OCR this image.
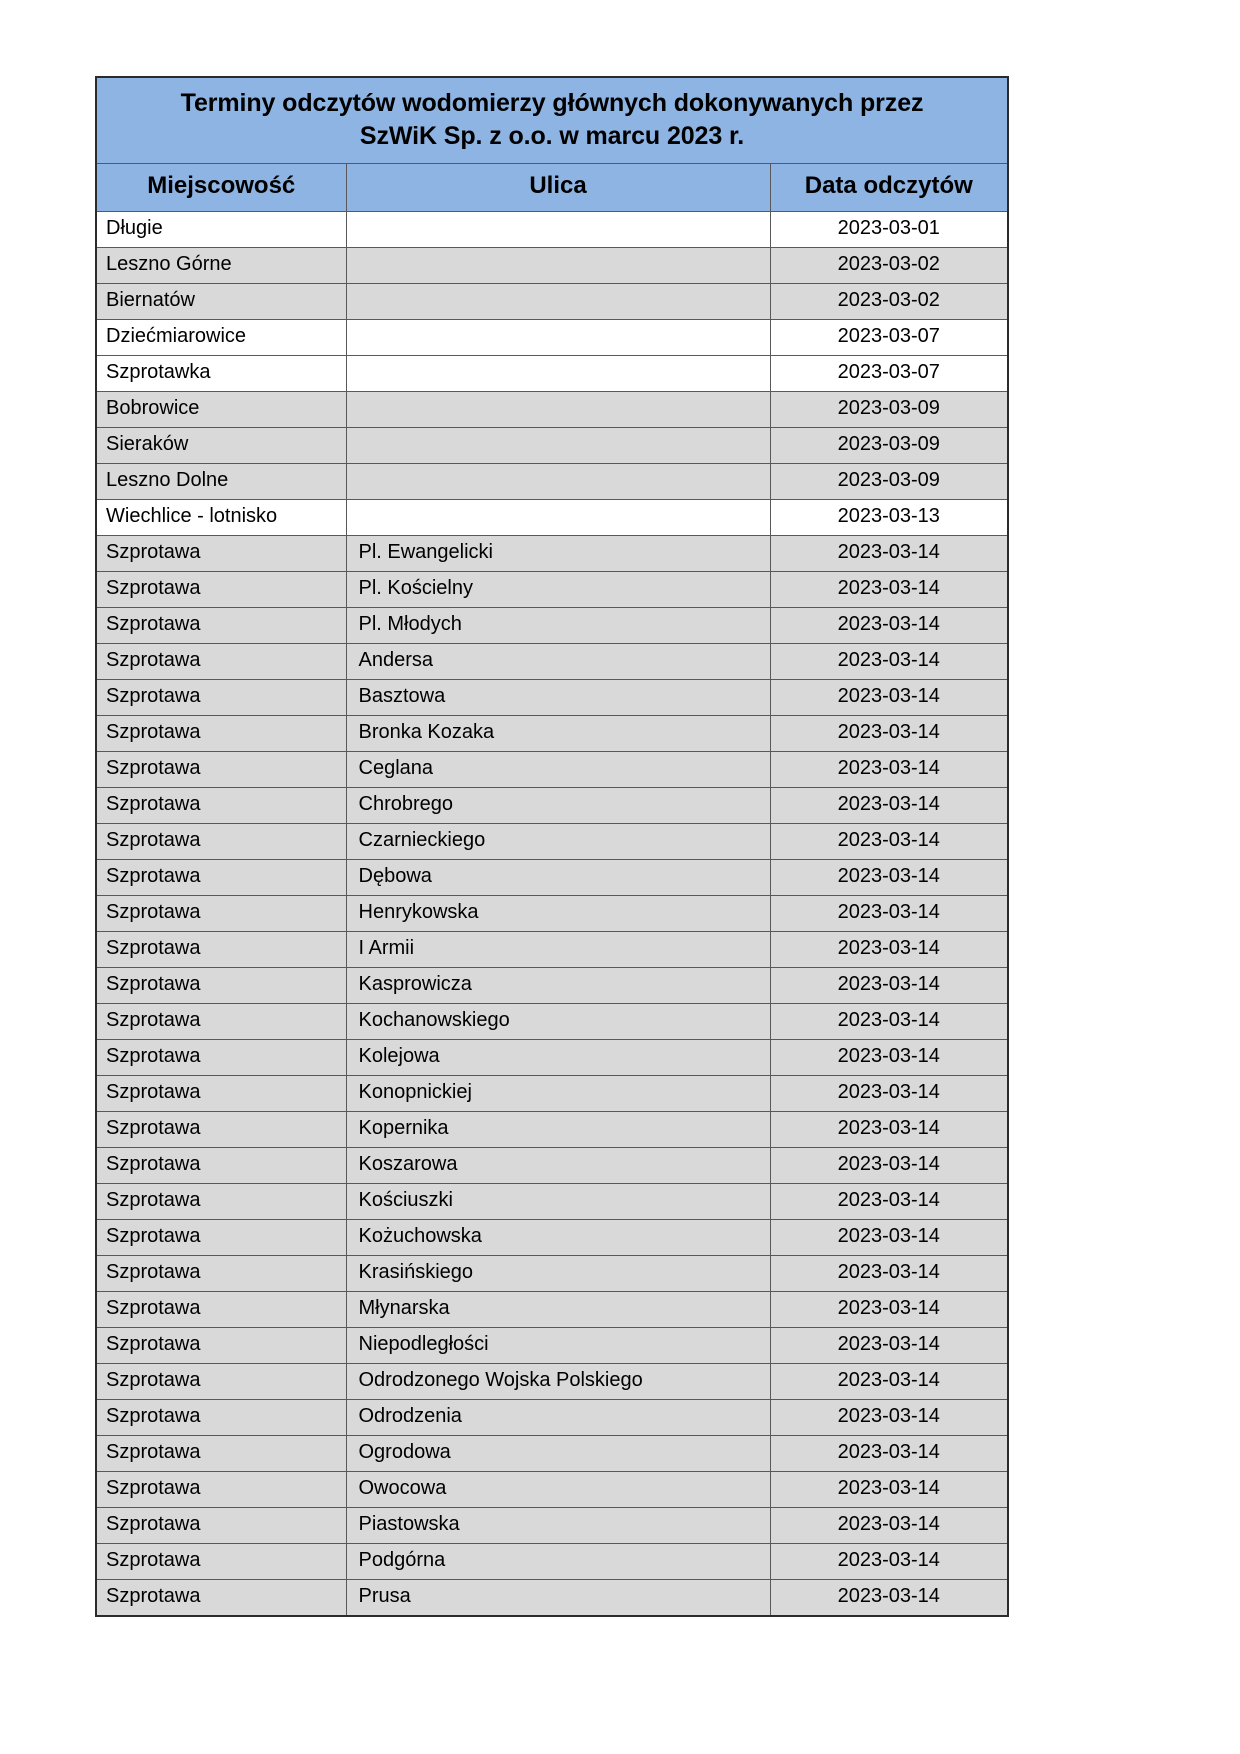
Terminy odczytów wodomierzy głównych dokonywanych przez
SzWiK Sp. z o.o. w marcu 2023 r.		

Miejscowość	Ulica	Data odczytów
Długie		2023-03-01
Leszno Górne		2023-03-02
Biernatów		2023-03-02
Dziećmiarowice		2023-03-07
Szprotawka		2023-03-07
Bobrowice		2023-03-09
Sieraków		2023-03-09
Leszno Dolne		2023-03-09
Wiechlice - lotnisko		2023-03-13
Szprotawa	Pl. Ewangelicki	2023-03-14
Szprotawa	Pl. Kościelny	2023-03-14
Szprotawa	Pl. Młodych	2023-03-14
Szprotawa	Andersa	2023-03-14
Szprotawa	Basztowa	2023-03-14
Szprotawa	Bronka Kozaka	2023-03-14
Szprotawa	Ceglana	2023-03-14
Szprotawa	Chrobrego	2023-03-14
Szprotawa	Czarnieckiego	2023-03-14
Szprotawa	Dębowa	2023-03-14
Szprotawa	Henrykowska	2023-03-14
Szprotawa	I Armii	2023-03-14
Szprotawa	Kasprowicza	2023-03-14
Szprotawa	Kochanowskiego	2023-03-14
Szprotawa	Kolejowa	2023-03-14
Szprotawa	Konopnickiej	2023-03-14
Szprotawa	Kopernika	2023-03-14
Szprotawa	Koszarowa	2023-03-14
Szprotawa	Kościuszki	2023-03-14
Szprotawa	Kożuchowska	2023-03-14
Szprotawa	Krasińskiego	2023-03-14
Szprotawa	Młynarska	2023-03-14
Szprotawa	Niepodległości	2023-03-14
Szprotawa	Odrodzonego Wojska Polskiego	2023-03-14
Szprotawa	Odrodzenia	2023-03-14
Szprotawa	Ogrodowa	2023-03-14
Szprotawa	Owocowa	2023-03-14
Szprotawa	Piastowska	2023-03-14
Szprotawa	Podgórna	2023-03-14
Szprotawa	Prusa	2023-03-14
